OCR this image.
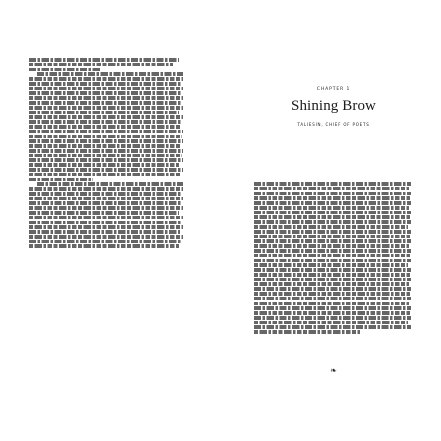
CHAPTER 1
Shining Brow
TALIESIN, CHIEF OF POETS
❧
